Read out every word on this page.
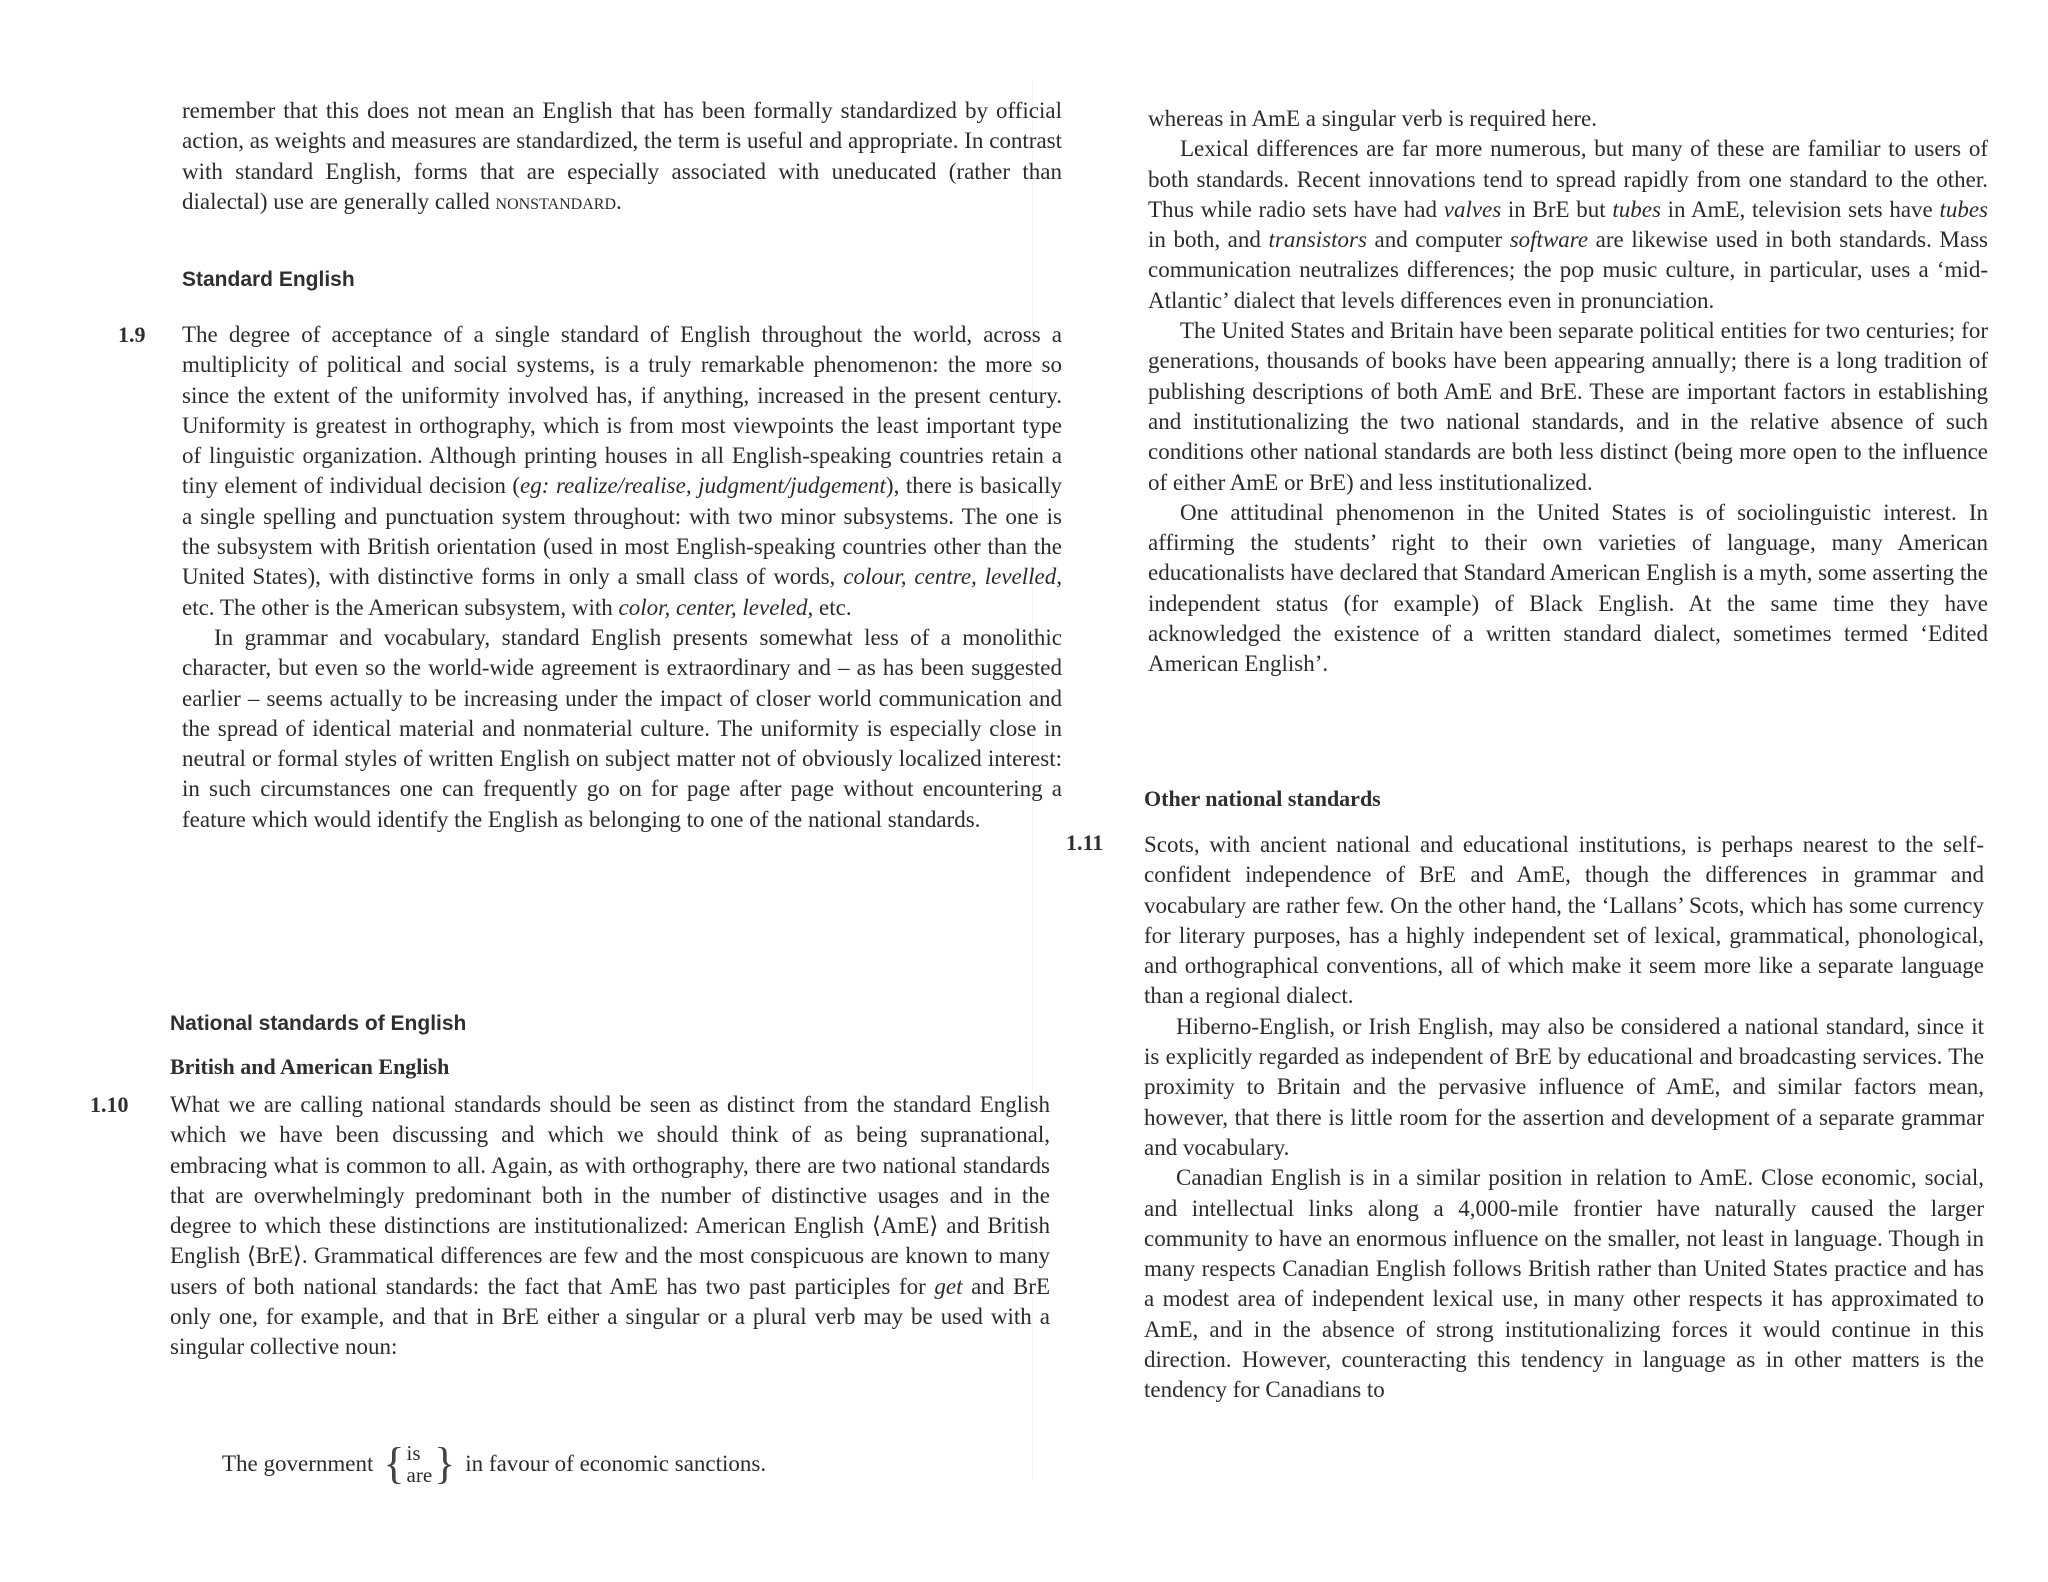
remember that this does not mean an English that has been formally standardized by official action, as weights and measures are standardized, the term is useful and appropriate. In contrast with standard English, forms that are especially associated with uneducated (rather than dialectal) use are generally called nonstandard.

Standard English
1.9 The degree of acceptance of a single standard of English throughout the world, across a multiplicity of political and social systems, is a truly remarkable phenomenon: the more so since the extent of the uniformity involved has, if anything, increased in the present century. Uniformity is greatest in orthography, which is from most viewpoints the least important type of linguistic organization. Although printing houses in all English-speaking countries retain a tiny element of individual decision (eg: realize/realise, judgment/judgement), there is basically a single spelling and punctuation system throughout: with two minor subsystems. The one is the subsystem with British orientation (used in most English-speaking countries other than the United States), with distinctive forms in only a small class of words, colour, centre, levelled, etc. The other is the American subsystem, with color, center, leveled, etc.

In grammar and vocabulary, standard English presents somewhat less of a monolithic character, but even so the world-wide agreement is extraordinary and – as has been suggested earlier – seems actually to be increasing under the impact of closer world communication and the spread of identical material and nonmaterial culture. The uniformity is especially close in neutral or formal styles of written English on subject matter not of obviously localized interest: in such circumstances one can frequently go on for page after page without encountering a feature which would identify the English as belonging to one of the national standards.

National standards of English
British and American English
1.10 What we are calling national standards should be seen as distinct from the standard English which we have been discussing and which we should think of as being supranational, embracing what is common to all. Again, as with orthography, there are two national standards that are overwhelmingly predominant both in the number of distinctive usages and in the degree to which these distinctions are institutionalized: American English ⟨AmE⟩ and British English ⟨BrE⟩. Grammatical differences are few and the most conspicuous are known to many users of both national standards: the fact that AmE has two past participles for get and BrE only one, for example, and that in BrE either a singular or a plural verb may be used with a singular collective noun:

The government { is
are } in favour of economic sanctions.

whereas in AmE a singular verb is required here.

Lexical differences are far more numerous, but many of these are familiar to users of both standards. Recent innovations tend to spread rapidly from one standard to the other. Thus while radio sets have had valves in BrE but tubes in AmE, television sets have tubes in both, and transistors and computer software are likewise used in both standards. Mass communication neutralizes differences; the pop music culture, in particular, uses a ‘mid-Atlantic’ dialect that levels differences even in pronunciation.

The United States and Britain have been separate political entities for two centuries; for generations, thousands of books have been appearing annually; there is a long tradition of publishing descriptions of both AmE and BrE. These are important factors in establishing and institutionalizing the two national standards, and in the relative absence of such conditions other national standards are both less distinct (being more open to the influence of either AmE or BrE) and less institutionalized.

One attitudinal phenomenon in the United States is of sociolinguistic interest. In affirming the students’ right to their own varieties of language, many American educationalists have declared that Standard American English is a myth, some asserting the independent status (for example) of Black English. At the same time they have acknowledged the existence of a written standard dialect, sometimes termed ‘Edited American English’.

Other national standards
1.11 Scots, with ancient national and educational institutions, is perhaps nearest to the self-confident independence of BrE and AmE, though the differences in grammar and vocabulary are rather few. On the other hand, the ‘Lallans’ Scots, which has some currency for literary purposes, has a highly independent set of lexical, grammatical, phonological, and orthographical conventions, all of which make it seem more like a separate language than a regional dialect.

Hiberno-English, or Irish English, may also be considered a national standard, since it is explicitly regarded as independent of BrE by educational and broadcasting services. The proximity to Britain and the pervasive influence of AmE, and similar factors mean, however, that there is little room for the assertion and development of a separate grammar and vocabulary.

Canadian English is in a similar position in relation to AmE. Close economic, social, and intellectual links along a 4,000-mile frontier have naturally caused the larger community to have an enormous influence on the smaller, not least in language. Though in many respects Canadian English follows British rather than United States practice and has a modest area of independent lexical use, in many other respects it has approximated to AmE, and in the absence of strong institutionalizing forces it would continue in this direction. However, counteracting this tendency in language as in other matters is the tendency for Canadians to
